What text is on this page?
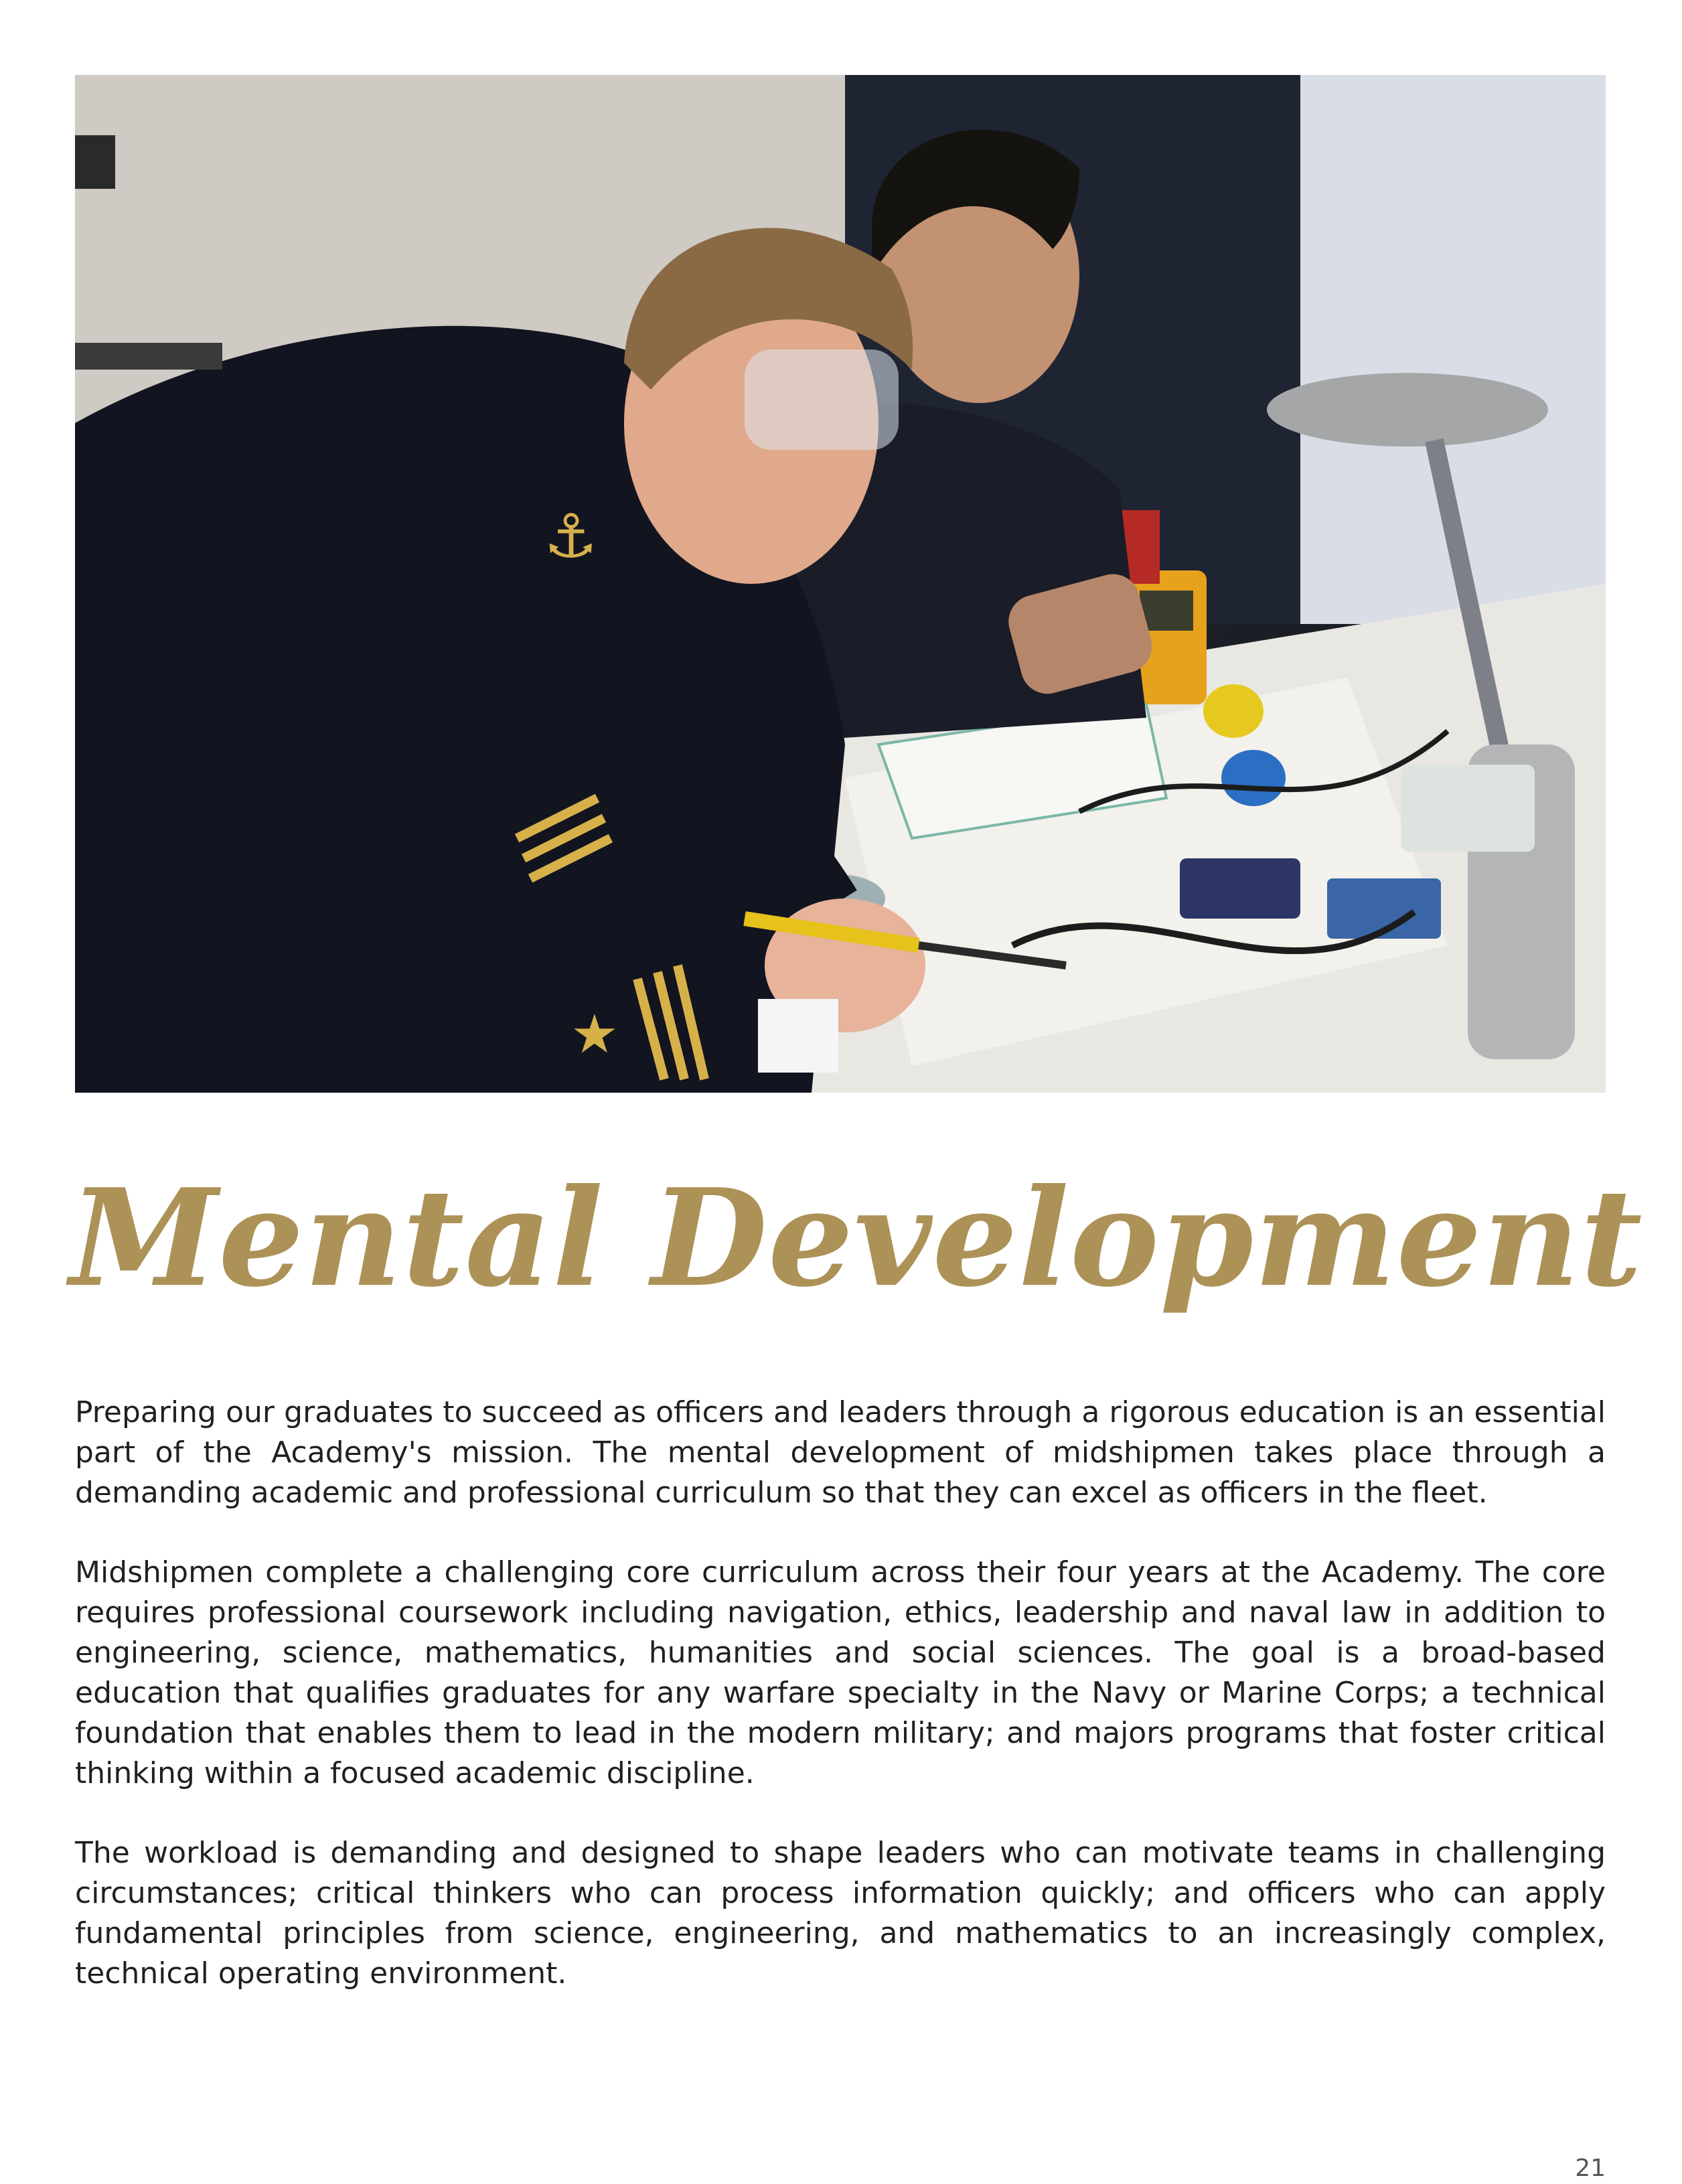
⚓
★
Mental Development

Preparing our graduates to succeed as officers and leaders through a rigorous education is an essential part of the Academy's mission. The mental development of midshipmen takes place through a demanding academic and professional curriculum so that they can excel as officers in the fleet.

Midshipmen complete a challenging core curriculum across their four years at the Academy. The core requires professional coursework including navigation, ethics, leadership and naval law in addition to engineering, science, mathematics, humanities and social sciences. The goal is a broad-based education that qualifies graduates for any warfare specialty in the Navy or Marine Corps; a technical foundation that enables them to lead in the modern military; and majors programs that foster critical thinking within a focused academic discipline.

The workload is demanding and designed to shape leaders who can motivate teams in challenging circumstances; critical thinkers who can process information quickly; and officers who can apply fundamental principles from science, engineering, and mathematics to an increasingly complex, technical operating environment.

21
